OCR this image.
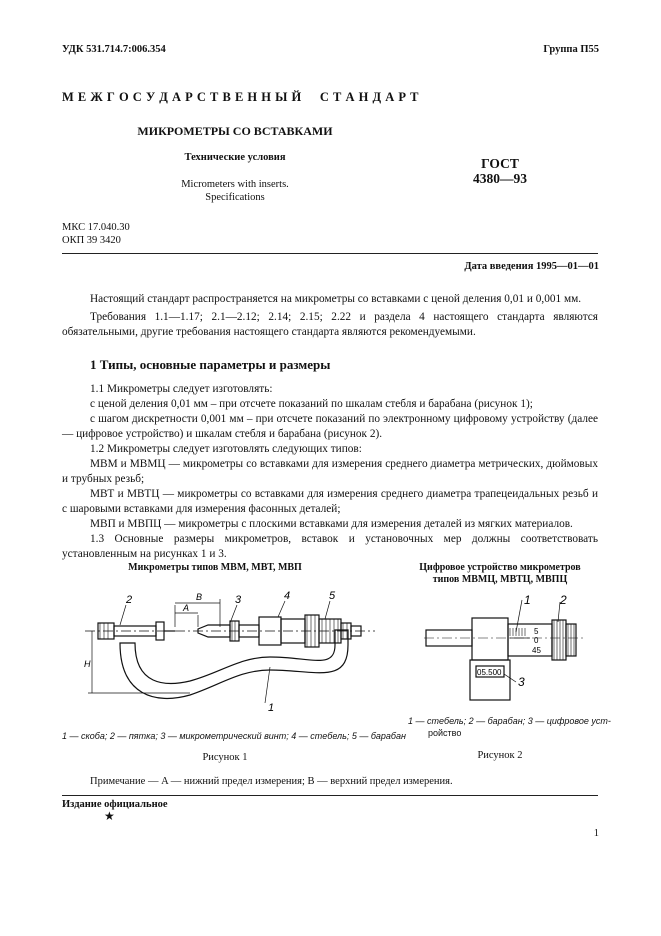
УДК 531.714.7:006.354	Группа П55
М Е Ж Г О С У Д А Р С Т В Е Н Н Ы Й     С Т А Н Д А Р Т
МИКРОМЕТРЫ СО ВСТАВКАМИ
Технические условия
Micrometers with inserts.
Specifications
ГОСТ
4380—93
МКС 17.040.30
ОКП 39 3420
Дата введения 1995—01—01

Настоящий стандарт распространяется на микрометры со вставками с ценой деления 0,01 и 0,001 мм.

Требования 1.1—1.17; 2.1—2.12; 2.14; 2.15; 2.22 и раздела 4 настоящего стандарта являются обязательными, другие требования настоящего стандарта являются рекомендуемыми.

1 Типы, основные параметры и размеры

1.1 Микрометры следует изготовлять:

с ценой деления 0,01 мм – при отсчете показаний по шкалам стебля и барабана (рисунок 1);

с шагом дискретности 0,001 мм – при отсчете показаний по электронному цифровому устройству (далее — цифровое устройство) и шкалам стебля и барабана (рисунок 2).

1.2 Микрометры следует изготовлять следующих типов:

МВМ и МВМЦ — микрометры со вставками для измерения среднего диаметра метрических, дюймовых и трубных резьб;

МВТ и МВТЦ — микрометры со вставками для измерения среднего диаметра трапецеидальных резьб и с шаровыми вставками для измерения фасонных деталей;

МВП и МВПЦ — микрометры с плоскими вставками для измерения деталей из мягких материалов.

1.3 Основные размеры микрометров, вставок и установочных мер должны соответствовать установленным на рисунках 1 и 3.

Микрометры типов МВМ, МВТ, МВП
2	3	4	5
1
A
B
H
1 — скоба; 2 — пятка; 3 — микрометрический винт; 4 — стебель; 5 — барабан
Рисунок 1
Цифровое устройство микрометров
типов МВМЦ, МВТЦ, МВПЦ
5
0
45
05.500
1 2
3
1 — стебель; 2 — барабан; 3 — цифровое уст-
ройство
Рисунок 2
Примечание — A — нижний предел измерения; B — верхний предел измерения.
Издание официальное
★
1
